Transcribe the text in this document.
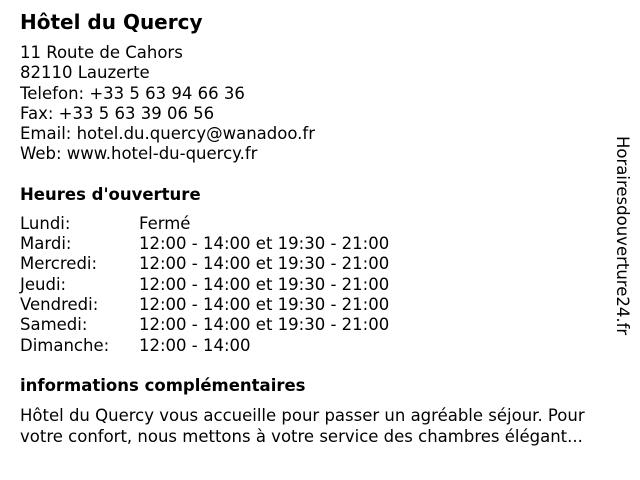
Hôtel du Quercy
11 Route de Cahors
82110 Lauzerte
Telefon: +33 5 63 94 66 36
Fax: +33 5 63 39 06 56
Email: hotel.du.quercy@wanadoo.fr
Web: www.hotel-du-quercy.fr
Heures d'ouverture
Lundi:	Fermé
Mardi:	12:00 - 14:00 et 19:30 - 21:00
Mercredi:	12:00 - 14:00 et 19:30 - 21:00
Jeudi:	12:00 - 14:00 et 19:30 - 21:00
Vendredi:	12:00 - 14:00 et 19:30 - 21:00
Samedi:	12:00 - 14:00 et 19:30 - 21:00
Dimanche:	12:00 - 14:00
informations complémentaires
Hôtel du Quercy vous accueille pour passer un agréable séjour. Pour votre confort, nous mettons à votre service des chambres élégant...
Horairesdouverture24.fr
